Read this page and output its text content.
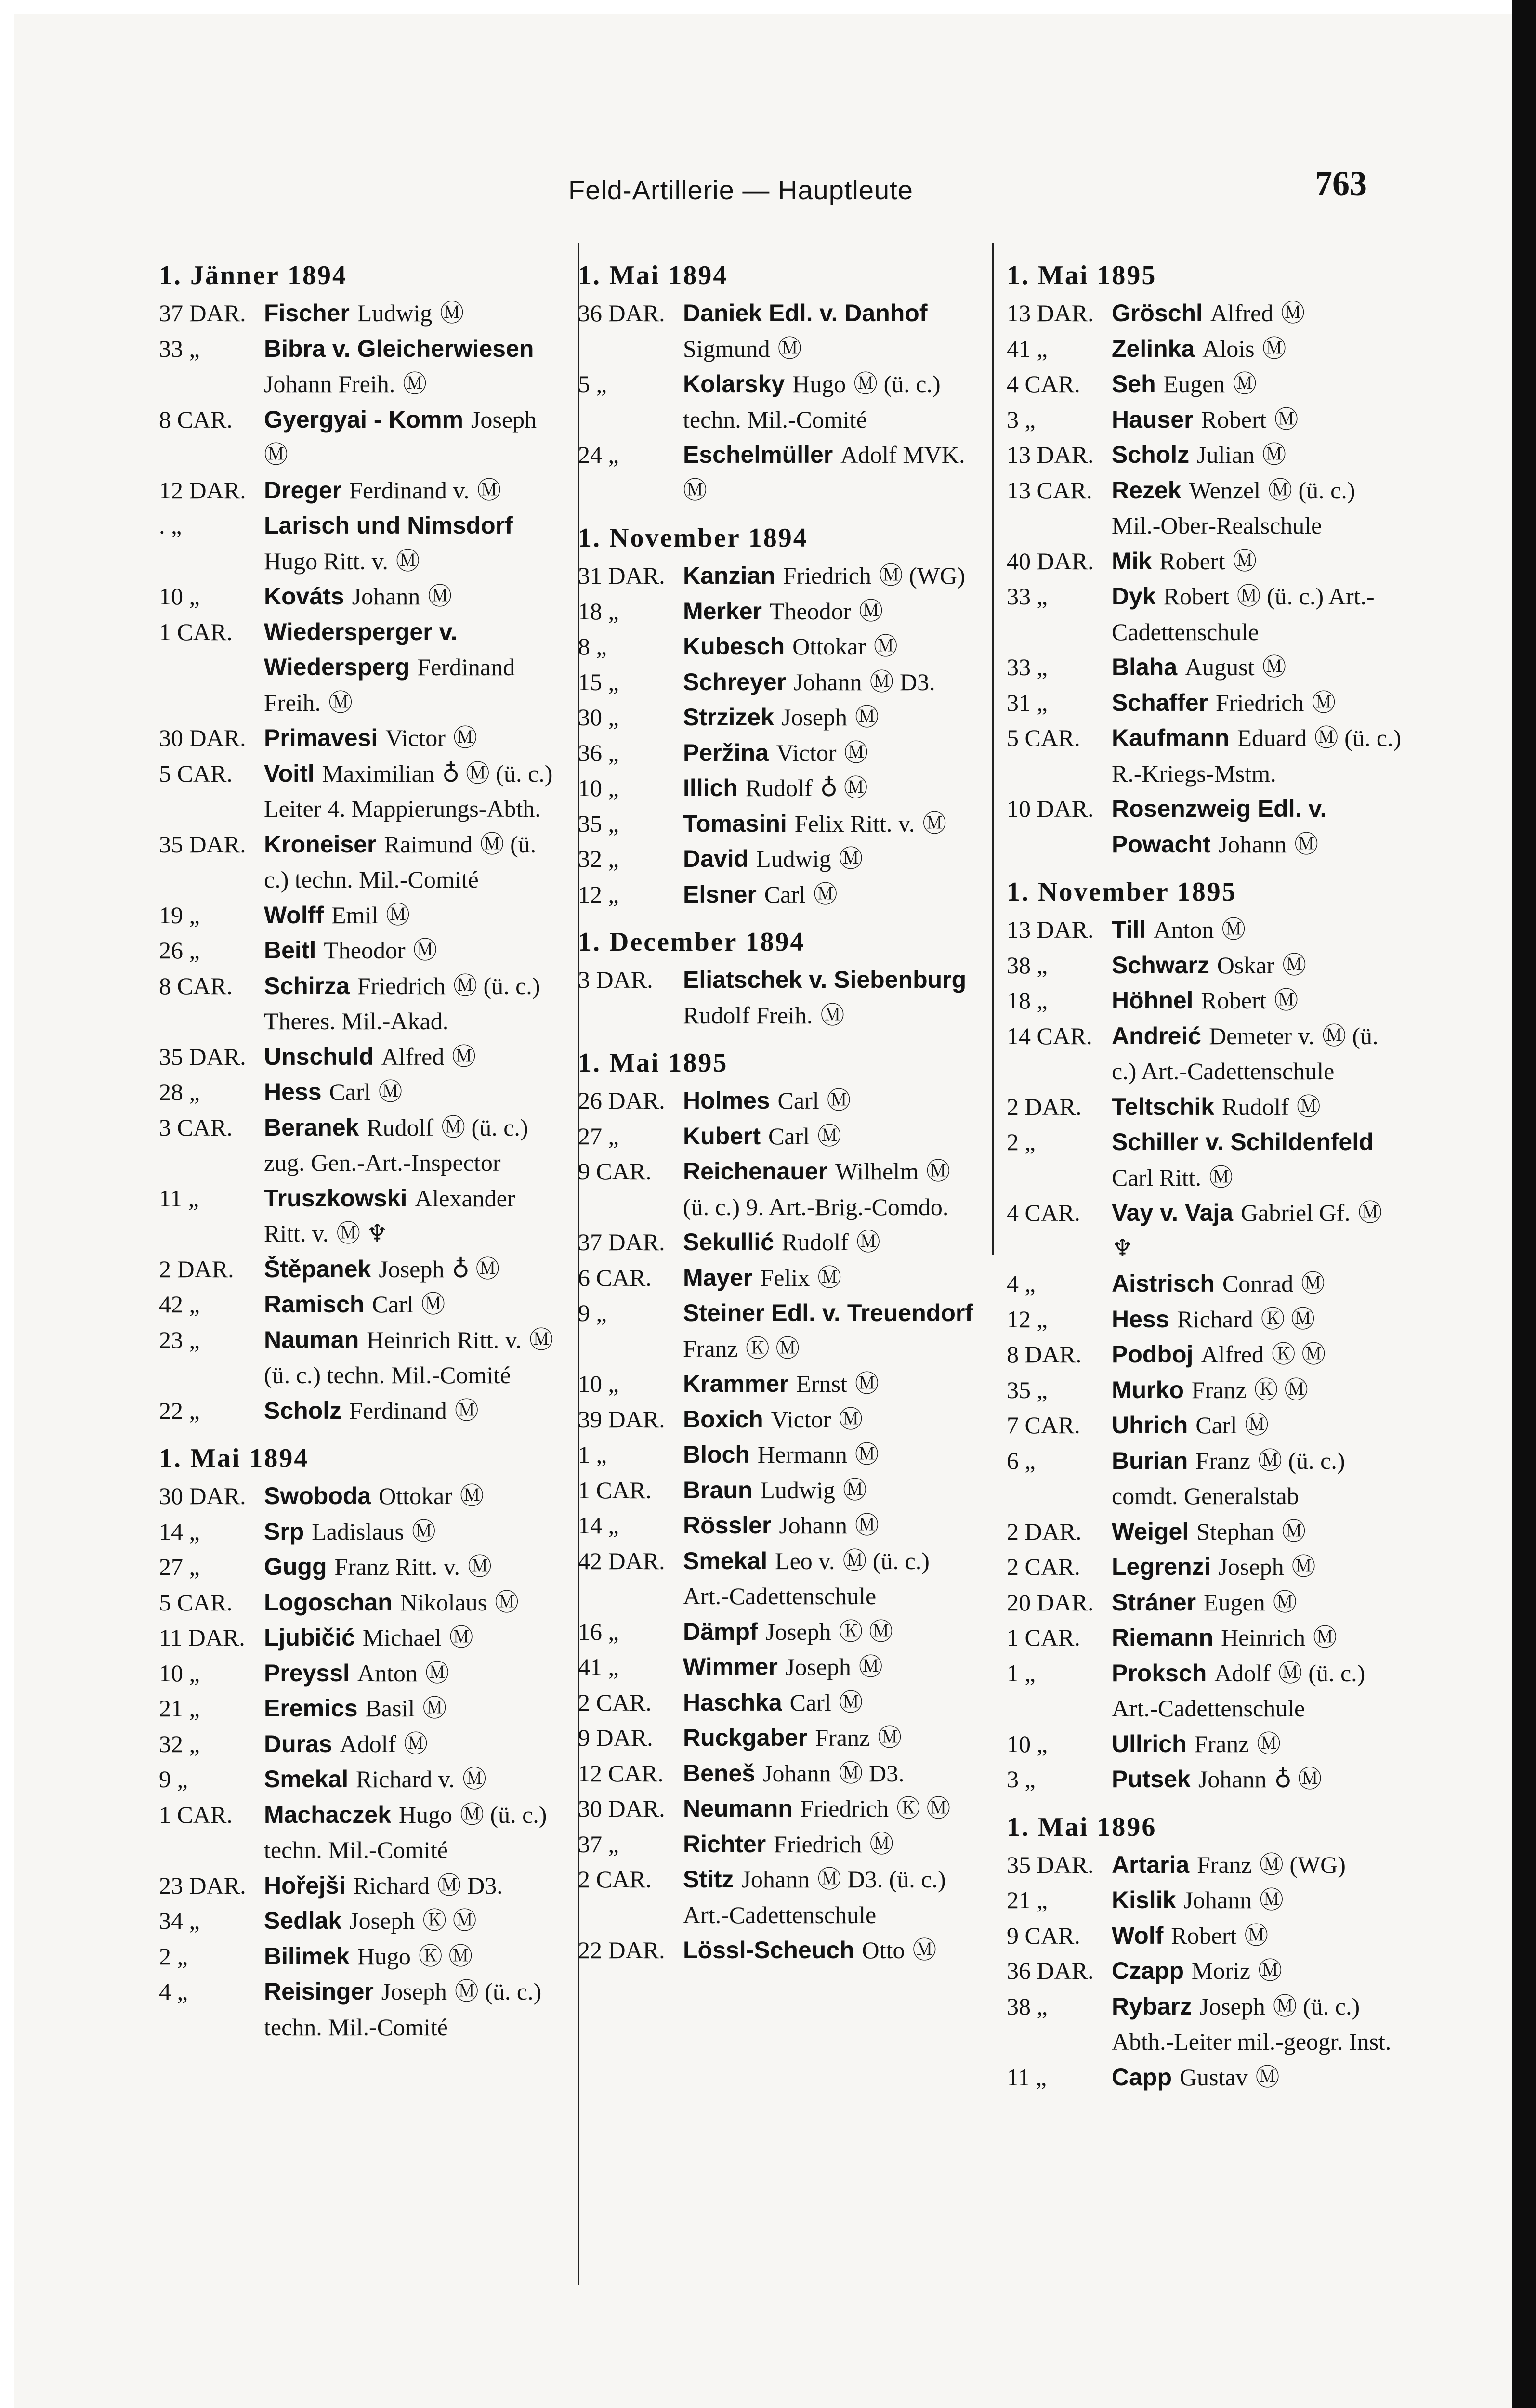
Feld-Artillerie — Hauptleute	763
1. Jänner 1894
37 DAR. Fischer Ludwig Ⓜ
33 „	Bibra v. Gleicherwiesen Johann Freih. Ⓜ
8 CAR.	Gyergyai - Komm Joseph Ⓜ
12 DAR. Dreger Ferdinand v. Ⓜ
. „	Larisch und Nimsdorf Hugo Ritt. v. Ⓜ
10 „	Kováts Johann Ⓜ
1 CAR.	Wiedersperger v. Wiedersperg Ferdinand Freih. Ⓜ
30 DAR. Primavesi Victor Ⓜ
5 CAR.	Voitl Maximilian ♁ Ⓜ (ü. c.) Leiter 4. Mappierungs-Abth.
35 DAR. Kroneiser Raimund Ⓜ (ü. c.) techn. Mil.-Comité
19 „	Wolff Emil Ⓜ
26 „	Beitl Theodor Ⓜ
8 CAR.	Schirza Friedrich Ⓜ (ü. c.) Theres. Mil.-Akad.
35 DAR. Unschuld Alfred Ⓜ
28 „	Hess Carl Ⓜ
3 CAR.	Beranek Rudolf Ⓜ (ü. c.) zug. Gen.-Art.-Inspector
11 „	Truszkowski Alexander Ritt. v. Ⓜ ♆
2 DAR.	Štěpanek Joseph ♁ Ⓜ
42 „	Ramisch Carl Ⓜ
23 „	Nauman Heinrich Ritt. v. Ⓜ (ü. c.) techn. Mil.-Comité
22 „	Scholz Ferdinand Ⓜ
1. Mai 1894
30 DAR. Swoboda Ottokar Ⓜ
14 „	Srp Ladislaus Ⓜ
27 „	Gugg Franz Ritt. v. Ⓜ
5 CAR.	Logoschan Nikolaus Ⓜ
11 DAR. Ljubičić Michael Ⓜ
10 „	Preyssl Anton Ⓜ
21 „	Eremics Basil Ⓜ
32 „	Duras Adolf Ⓜ
9 „	Smekal Richard v. Ⓜ
1 CAR.	Machaczek Hugo Ⓜ (ü. c.) techn. Mil.-Comité
23 DAR. Hořejši Richard Ⓜ D3.
34 „	Sedlak Joseph Ⓚ Ⓜ
2 „	Bilimek Hugo Ⓚ Ⓜ
4 „	Reisinger Joseph Ⓜ (ü. c.) techn. Mil.-Comité
1. Mai 1894
36 DAR. Daniek Edl. v. Danhof Sigmund Ⓜ
5 „	Kolarsky Hugo Ⓜ (ü. c.) techn. Mil.-Comité
24 „	Eschelmüller Adolf MVK. Ⓜ
1. November 1894
31 DAR. Kanzian Friedrich Ⓜ (WG)
18 „	Merker Theodor Ⓜ
8 „	Kubesch Ottokar Ⓜ
15 „	Schreyer Johann Ⓜ D3.
30 „	Strzizek Joseph Ⓜ
36 „	Peržina Victor Ⓜ
10 „	Illich Rudolf ♁ Ⓜ
35 „	Tomasini Felix Ritt. v. Ⓜ
32 „	David Ludwig Ⓜ
12 „	Elsner Carl Ⓜ
1. December 1894
3 DAR.	Eliatschek v. Siebenburg Rudolf Freih. Ⓜ
1. Mai 1895
26 DAR. Holmes Carl Ⓜ
27 „	Kubert Carl Ⓜ
9 CAR.	Reichenauer Wilhelm Ⓜ (ü. c.) 9. Art.-Brig.-Comdo.
37 DAR. Sekullić Rudolf Ⓜ
6 CAR.	Mayer Felix Ⓜ
9 „	Steiner Edl. v. Treuendorf Franz Ⓚ Ⓜ
10 „	Krammer Ernst Ⓜ
39 DAR. Boxich Victor Ⓜ
1 „	Bloch Hermann Ⓜ
1 CAR.	Braun Ludwig Ⓜ
14 „	Rössler Johann Ⓜ
42 DAR. Smekal Leo v. Ⓜ (ü. c.) Art.-Cadettenschule
16 „	Dämpf Joseph Ⓚ Ⓜ
41 „	Wimmer Joseph Ⓜ
2 CAR.	Haschka Carl Ⓜ
9 DAR.	Ruckgaber Franz Ⓜ
12 CAR. Beneš Johann Ⓜ D3.
30 DAR. Neumann Friedrich Ⓚ Ⓜ
37 „	Richter Friedrich Ⓜ
2 CAR.	Stitz Johann Ⓜ D3. (ü. c.) Art.-Cadettenschule
22 DAR. Lössl-Scheuch Otto Ⓜ
1. Mai 1895
13 DAR. Gröschl Alfred Ⓜ
41 „	Zelinka Alois Ⓜ
4 CAR.	Seh Eugen Ⓜ
3 „	Hauser Robert Ⓜ
13 DAR. Scholz Julian Ⓜ
13 CAR. Rezek Wenzel Ⓜ (ü. c.) Mil.-Ober-Realschule
40 DAR. Mik Robert Ⓜ
33 „	Dyk Robert Ⓜ (ü. c.) Art.-Cadettenschule
33 „	Blaha August Ⓜ
31 „	Schaffer Friedrich Ⓜ
5 CAR.	Kaufmann Eduard Ⓜ (ü. c.) R.-Kriegs-Mstm.
10 DAR. Rosenzweig Edl. v. Powacht Johann Ⓜ
1. November 1895
13 DAR. Till Anton Ⓜ
38 „	Schwarz Oskar Ⓜ
18 „	Höhnel Robert Ⓜ
14 CAR. Andreić Demeter v. Ⓜ (ü. c.) Art.-Cadettenschule
2 DAR.	Teltschik Rudolf Ⓜ
2 „	Schiller v. Schildenfeld Carl Ritt. Ⓜ
4 CAR.	Vay v. Vaja Gabriel Gf. Ⓜ ♆
4 „	Aistrisch Conrad Ⓜ
12 „	Hess Richard Ⓚ Ⓜ
8 DAR.	Podboj Alfred Ⓚ Ⓜ
35 „	Murko Franz Ⓚ Ⓜ
7 CAR.	Uhrich Carl Ⓜ
6 „	Burian Franz Ⓜ (ü. c.) comdt. Generalstab
2 DAR.	Weigel Stephan Ⓜ
2 CAR.	Legrenzi Joseph Ⓜ
20 DAR. Stráner Eugen Ⓜ
1 CAR.	Riemann Heinrich Ⓜ
1 „	Proksch Adolf Ⓜ (ü. c.) Art.-Cadettenschule
10 „	Ullrich Franz Ⓜ
3 „	Putsek Johann ♁ Ⓜ
1. Mai 1896
35 DAR. Artaria Franz Ⓜ (WG)
21 „	Kislik Johann Ⓜ
9 CAR.	Wolf Robert Ⓜ
36 DAR. Czapp Moriz Ⓜ
38 „	Rybarz Joseph Ⓜ (ü. c.) Abth.-Leiter mil.-geogr. Inst.
11 „	Capp Gustav Ⓜ
